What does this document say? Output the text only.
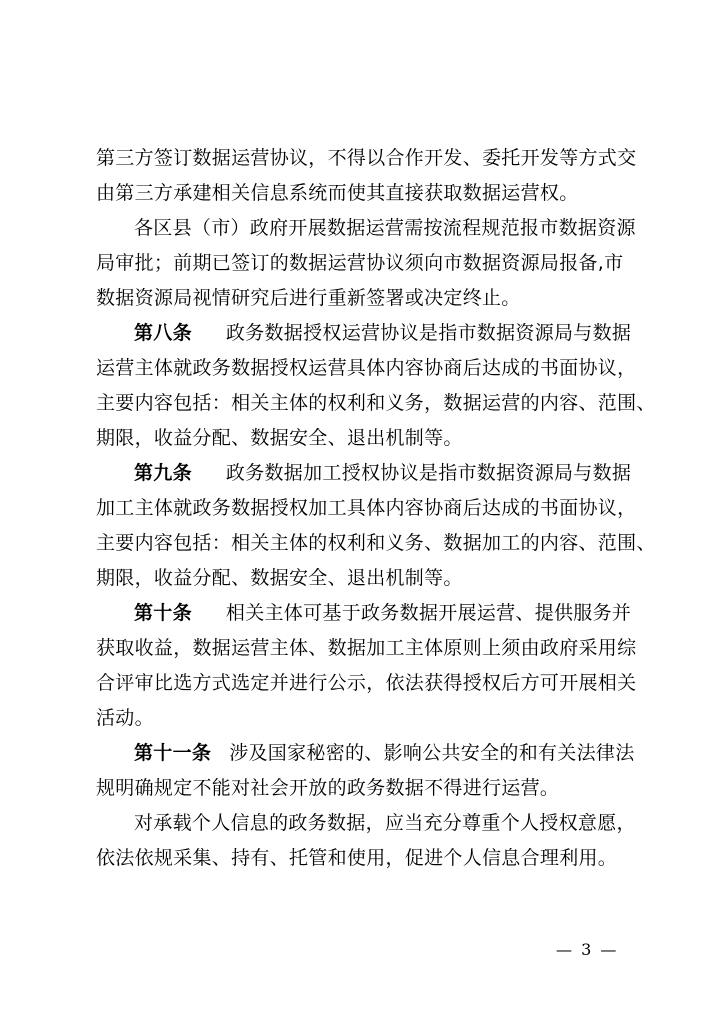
第三方签订数据运营协议，不得以合作开发、委托开发等方式交
由第三方承建相关信息系统而使其直接获取数据运营权。
各区县（市）政府开展数据运营需按流程规范报市数据资源
局审批；前期已签订的数据运营协议须向市数据资源局报备,市
数据资源局视情研究后进行重新签署或决定终止。
第八条 政务数据授权运营协议是指市数据资源局与数据
运营主体就政务数据授权运营具体内容协商后达成的书面协议，
主要内容包括：相关主体的权利和义务，数据运营的内容、范围、
期限，收益分配、数据安全、退出机制等。
第九条 政务数据加工授权协议是指市数据资源局与数据
加工主体就政务数据授权加工具体内容协商后达成的书面协议，
主要内容包括：相关主体的权利和义务、数据加工的内容、范围、
期限，收益分配、数据安全、退出机制等。
第十条 相关主体可基于政务数据开展运营、提供服务并
获取收益，数据运营主体、数据加工主体原则上须由政府采用综
合评审比选方式选定并进行公示，依法获得授权后方可开展相关
活动。
第十一条 涉及国家秘密的、影响公共安全的和有关法律法
规明确规定不能对社会开放的政务数据不得进行运营。
对承载个人信息的政务数据，应当充分尊重个人授权意愿，
依法依规采集、持有、托管和使用，促进个人信息合理利用。
— 3 —
